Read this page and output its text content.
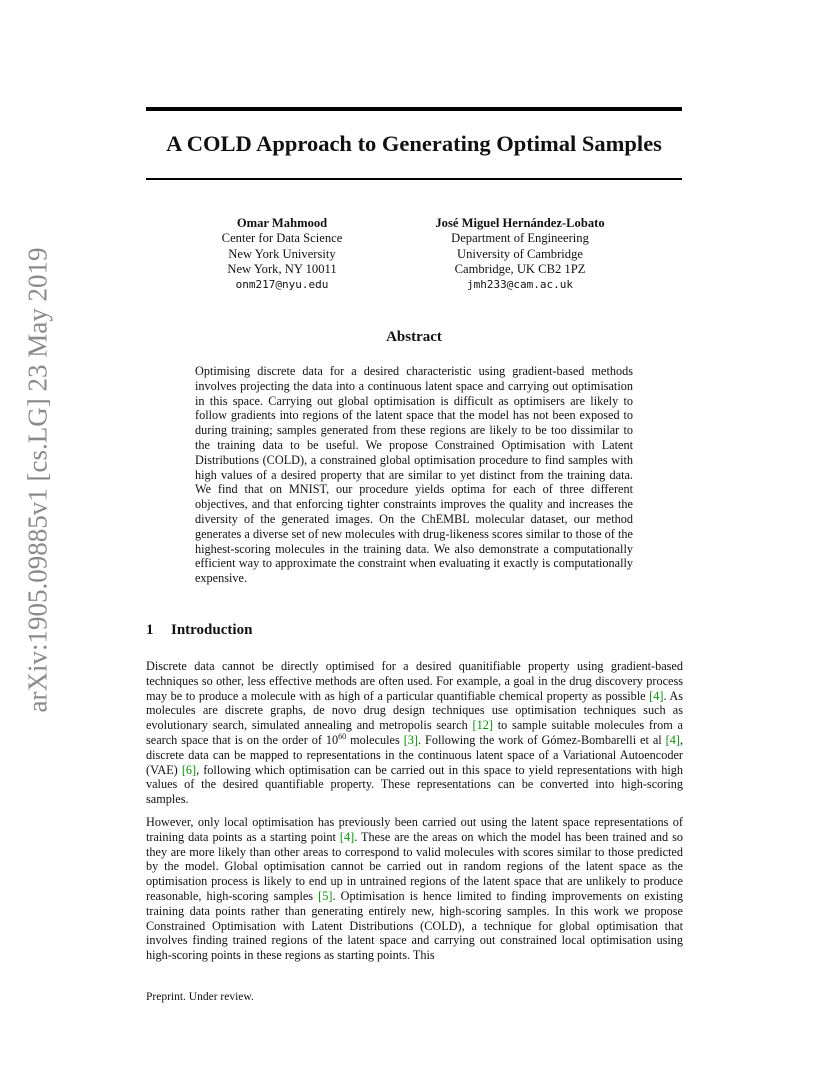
arXiv:1905.09885v1 [cs.LG] 23 May 2019
A COLD Approach to Generating Optimal Samples
Omar Mahmood
Center for Data Science
New York University
New York, NY 10011
onm217@nyu.edu
José Miguel Hernández-Lobato
Department of Engineering
University of Cambridge
Cambridge, UK CB2 1PZ
jmh233@cam.ac.uk
Abstract
Optimising discrete data for a desired characteristic using gradient-based methods involves projecting the data into a continuous latent space and carrying out optimisation in this space. Carrying out global optimisation is difficult as optimisers are likely to follow gradients into regions of the latent space that the model has not been exposed to during training; samples generated from these regions are likely to be too dissimilar to the training data to be useful. We propose Constrained Optimisation with Latent Distributions (COLD), a constrained global optimisation procedure to find samples with high values of a desired property that are similar to yet distinct from the training data. We find that on MNIST, our procedure yields optima for each of three different objectives, and that enforcing tighter constraints improves the quality and increases the diversity of the generated images. On the ChEMBL molecular dataset, our method generates a diverse set of new molecules with drug-likeness scores similar to those of the highest-scoring molecules in the training data. We also demonstrate a computationally efficient way to approximate the constraint when evaluating it exactly is computationally expensive.
1 Introduction
Discrete data cannot be directly optimised for a desired quanitifiable property using gradient-based techniques so other, less effective methods are often used. For example, a goal in the drug discovery process may be to produce a molecule with as high of a particular quantifiable chemical property as possible [4]. As molecules are discrete graphs, de novo drug design techniques use optimisation techniques such as evolutionary search, simulated annealing and metropolis search [12] to sample suitable molecules from a search space that is on the order of $10^{60}$ molecules [3]. Following the work of Gómez-Bombarelli et al [4], discrete data can be mapped to representations in the continuous latent space of a Variational Autoencoder (VAE) [6], following which optimisation can be carried out in this space to yield representations with high values of the desired quantifiable property. These representations can be converted into high-scoring samples.
However, only local optimisation has previously been carried out using the latent space representations of training data points as a starting point [4]. These are the areas on which the model has been trained and so they are more likely than other areas to correspond to valid molecules with scores similar to those predicted by the model. Global optimisation cannot be carried out in random regions of the latent space as the optimisation process is likely to end up in untrained regions of the latent space that are unlikely to produce reasonable, high-scoring samples [5]. Optimisation is hence limited to finding improvements on existing training data points rather than generating entirely new, high-scoring samples. In this work we propose Constrained Optimisation with Latent Distributions (COLD), a technique for global optimisation that involves finding trained regions of the latent space and carrying out constrained local optimisation using high-scoring points in these regions as starting points. This
Preprint. Under review.
